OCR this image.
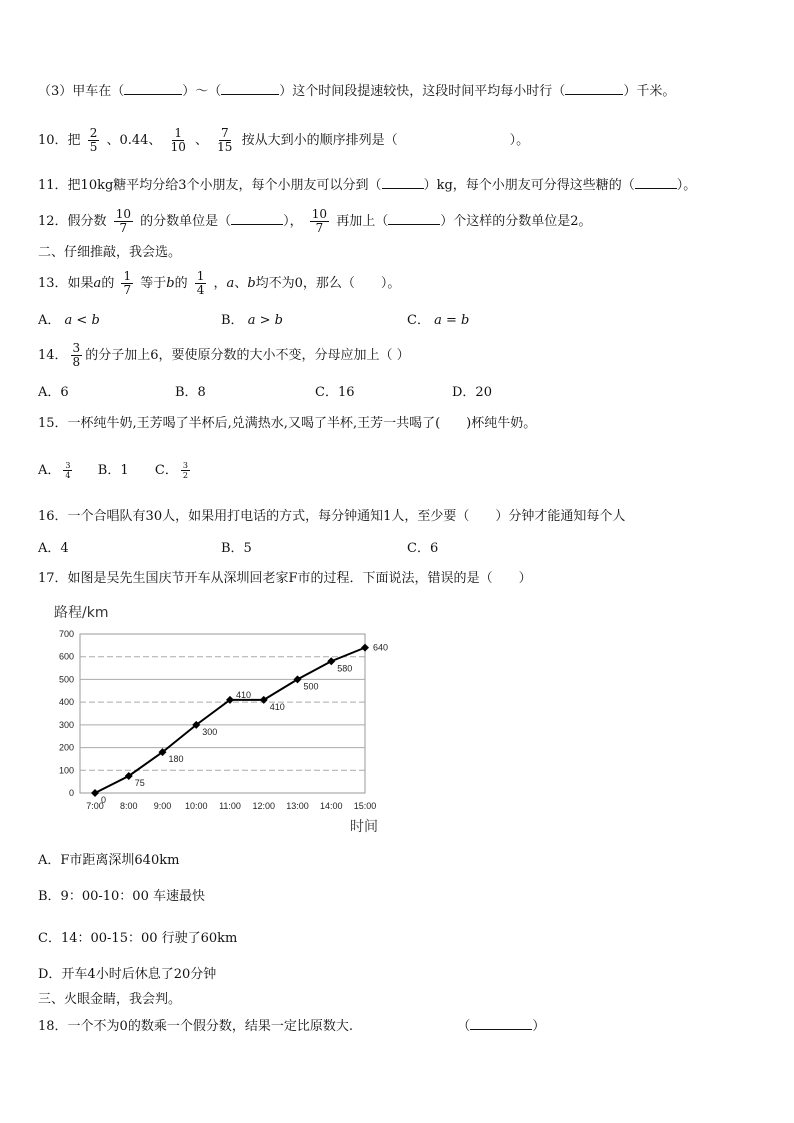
（3）甲车在（	）～（	）这个时间段提速较快，这段时间平均每小时行（	）千米。
10．把 $\frac{2}{5}$ 、0.44、 $\frac{1}{10}$ 、 $\frac{7}{15}$ 按从大到小的顺序排列是（	）。
11．把10kg糖平均分给3个小朋友，每个小朋友可以分到（	）kg，每个小朋友可分得这些糖的（	）。
12．假分数 $\frac{10}{7}$ 的分数单位是（	）， $\frac{10}{7}$ 再加上（	）个这样的分数单位是2。
二、仔细推敲，我会选。
13．如果a的 $\frac{1}{7}$ 等于b的 $\frac{1}{4}$ ，a、b均不为0，那么（　　）。
A． a < b	B． a > b	C． a = b
14． $\frac{3}{8}$ 的分子加上6，要使原分数的大小不变，分母应加上（ ）
A．6	B．8	C．16	D．20
15．一杯纯牛奶,王芳喝了半杯后,兑满热水,又喝了半杯,王芳一共喝了(　　)杯纯牛奶。
A． $\frac{3}{4}$ B．1 C． $\frac{3}{2}$
16．一个合唱队有30人，如果用打电话的方式，每分钟通知1人，至少要（　　）分钟才能通知每个人
A．4	B．5	C．6
17．如图是吴先生国庆节开车从深圳回老家F市的过程．下面说法，错误的是（　　）
0
100
200
300
400
500
600
700
7:00 8:00 9:00 10:00 11:00 12:00 13:00 14:00 15:00
0
75
180
300
410
410
500
580
640
路程/km
时间
A．F市距离深圳640km
B．9：00-10：00 车速最快
C．14：00-15：00 行驶了60km
D．开车4小时后休息了20分钟
三、火眼金睛，我会判。
18．一个不为0的数乘一个假分数，结果一定比原数大.	（	）
